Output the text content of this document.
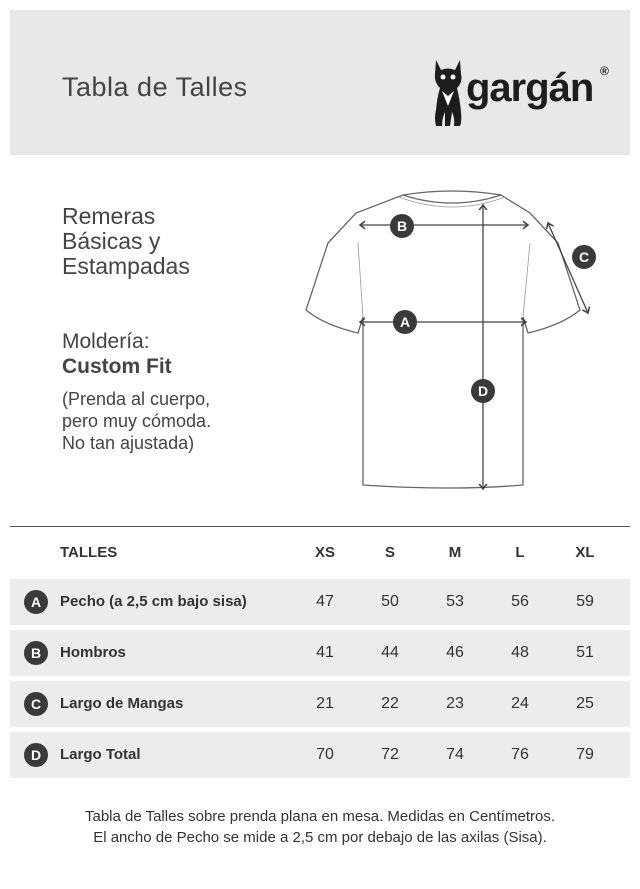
Tabla de Talles	gargán ®
Remeras
Básicas y
Estampadas
Moldería:
Custom Fit
(Prenda al cuerpo,
pero muy cómoda.
No tan ajustada)
B
A
C
D
TALLES	XS	S	M	L	XL
A	Pecho (a 2,5 cm bajo sisa)	47	50	53	56	59
B	Hombros	41	44	46	48	51
C	Largo de Mangas	21	22	23	24	25
D	Largo Total	70	72	74	76	79
Tabla de Talles sobre prenda plana en mesa. Medidas en Centímetros.
El ancho de Pecho se mide a 2,5 cm por debajo de las axilas (Sisa).
